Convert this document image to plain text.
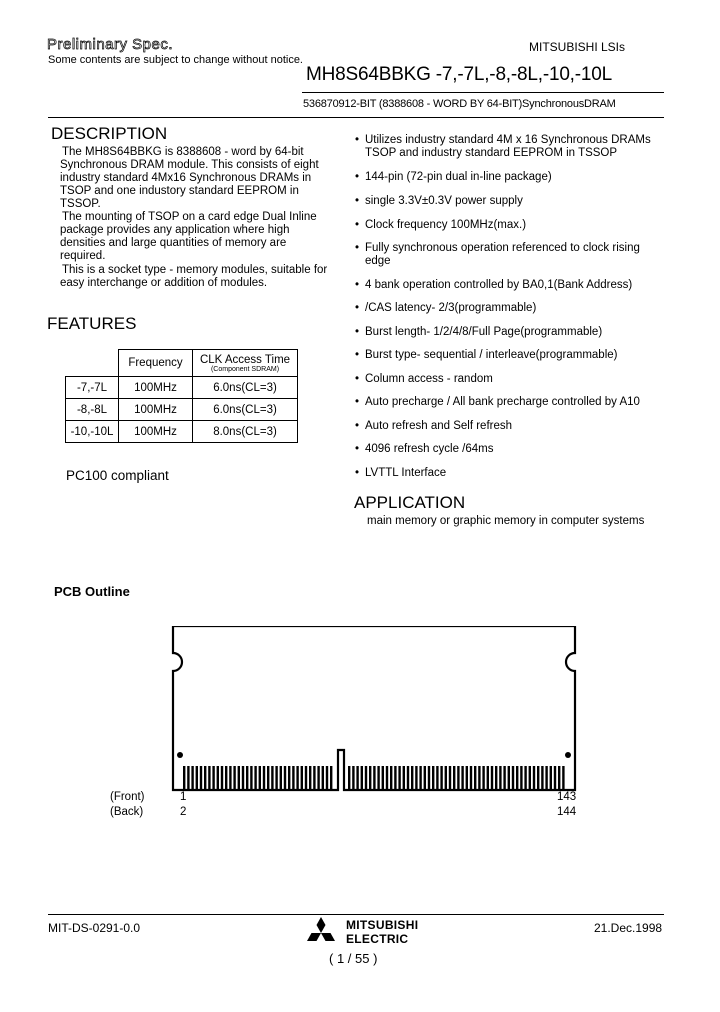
Preliminary Spec.
Some contents are subject to change without notice.
MITSUBISHI LSIs
MH8S64BBKG -7,-7L,-8,-8L,-10,-10L
536870912-BIT (8388608 - WORD BY 64-BIT)SynchronousDRAM
DESCRIPTION
The MH8S64BBKG is 8388608 - word by 64-bit
Synchronous DRAM module. This consists of eight
industry standard 4Mx16 Synchronous DRAMs in
TSOP and one industory standard EEPROM in
TSSOP.
The mounting of TSOP on a card edge Dual Inline
package provides any application where high
densities and large quantities of memory are
required.
This is a socket type - memory modules, suitable for
easy interchange or addition of modules.
FEATURES
	Frequency	CLK Access Time
(Component SDRAM)

-7,-7L	100MHz	6.0ns(CL=3)
-8,-8L	100MHz	6.0ns(CL=3)
-10,-10L	100MHz	8.0ns(CL=3)
PC100 compliant
• Utilizes industry standard 4M x 16 Synchronous DRAMs
TSOP and industry standard EEPROM in TSSOP
• 144-pin (72-pin dual in-line package)
• single 3.3V±0.3V power supply
• Clock frequency 100MHz(max.)
• Fully synchronous operation referenced to clock rising
edge
• 4 bank operation controlled by BA0,1(Bank Address)
• /CAS latency- 2/3(programmable)
• Burst length- 1/2/4/8/Full Page(programmable)
• Burst type- sequential / interleave(programmable)
• Column access - random
• Auto precharge / All bank precharge controlled by A10
• Auto refresh and Self refresh
• 4096 refresh cycle /64ms
• LVTTL Interface
APPLICATION
main memory or graphic memory in computer systems
PCB Outline
(Front)
(Back)
1
2
143
144
MIT-DS-0291-0.0	MITSUBISHI
ELECTRIC
21.Dec.1998
( 1 / 55 )
